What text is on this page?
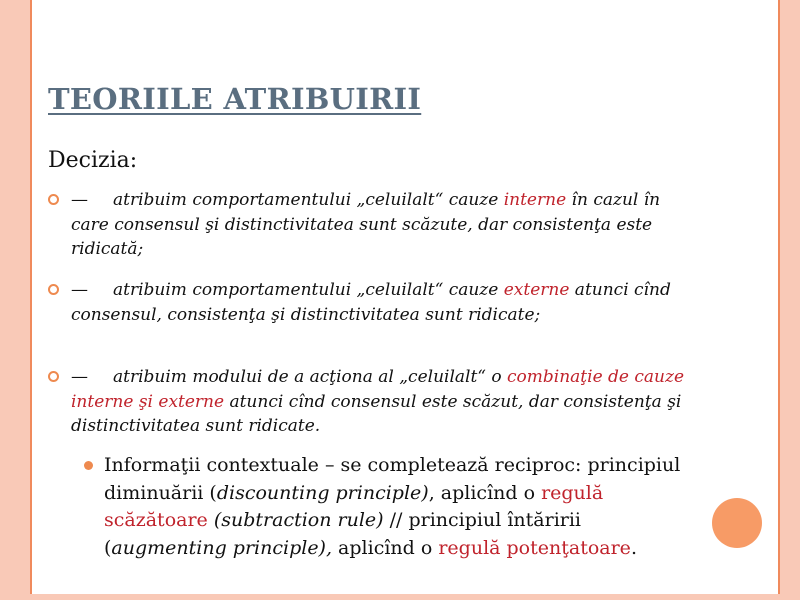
TEORIILE ATRIBUIRII
Decizia:
— atribuim comportamentului „celuilalt“ cauze interne în cazul în care consensul şi distinctivitatea sunt scăzute, dar consistenţa este ridicată;
— atribuim comportamentului „celuilalt“ cauze externe atunci cînd consensul, consistenţa şi distinctivitatea sunt ridicate;
— atribuim modului de a acţiona al „celuilalt“ o combinaţie de cauze interne şi externe atunci cînd consensul este scăzut, dar consistenţa şi distinctivitatea sunt ridicate.
Informaţii contextuale – se completează reciproc: principiul diminuării (discounting principle), aplicînd o regulă scăzătoare (subtraction rule) // principiul întăririi (augmenting principle), aplicînd o regulă potenţatoare.
